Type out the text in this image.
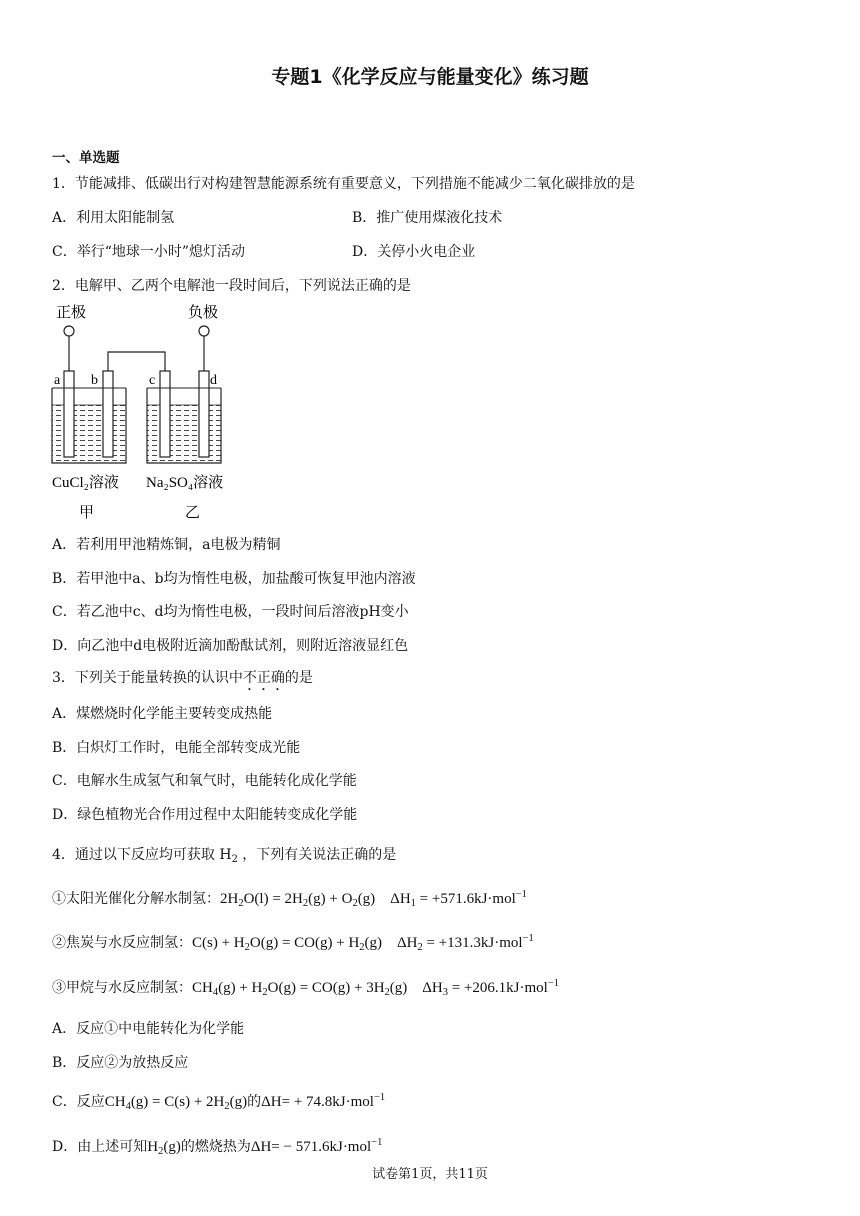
专题1《化学反应与能量变化》练习题
一、单选题
1．节能减排、低碳出行对构建智慧能源系统有重要意义，下列措施不能减少二氧化碳排放的是
A．利用太阳能制氢	B．推广使用煤液化技术
C．举行“地球一小时”熄灯活动	D．关停小火电企业
2．电解甲、乙两个电解池一段时间后，下列说法正确的是
正极	负极
a b	c	d
CuCl₂溶液 Na₂SO₄溶液
甲	乙
A．若利用甲池精炼铜，a电极为精铜
B．若甲池中a、b均为惰性电极，加盐酸可恢复甲池内溶液
C．若乙池中c、d均为惰性电极，一段时间后溶液pH变小
D．向乙池中d电极附近滴加酚酞试剂，则附近溶液显红色
3．下列关于能量转换的认识中不正确的是
A．煤燃烧时化学能主要转变成热能
B．白炽灯工作时，电能全部转变成光能
C．电解水生成氢气和氧气时，电能转化成化学能
D．绿色植物光合作用过程中太阳能转变成化学能
4．通过以下反应均可获取 $H_2$ ，下列有关说法正确的是
①太阳光催化分解水制氢：$2H_2O(l) = 2H_2(g) + O_2(g)$    $\Delta H_1 = +571.6kJ\cdot mol^{-1}$
②焦炭与水反应制氢：$C(s) + H_2O(g) = CO(g) + H_2(g)$    $\Delta H_2 = +131.3kJ\cdot mol^{-1}$
③甲烷与水反应制氢：$CH_4(g) + H_2O(g) = CO(g) + 3H_2(g)$    $\Delta H_3 = +206.1kJ\cdot mol^{-1}$
A．反应①中电能转化为化学能
B．反应②为放热反应
C．反应$CH_4(g) = C(s) + 2H_2(g)$的ΔH= + 74.8kJ·mol$^{-1}$
D．由上述可知$H_2(g)$的燃烧热为ΔH= − 571.6kJ·mol$^{-1}$
试卷第1页，共11页
